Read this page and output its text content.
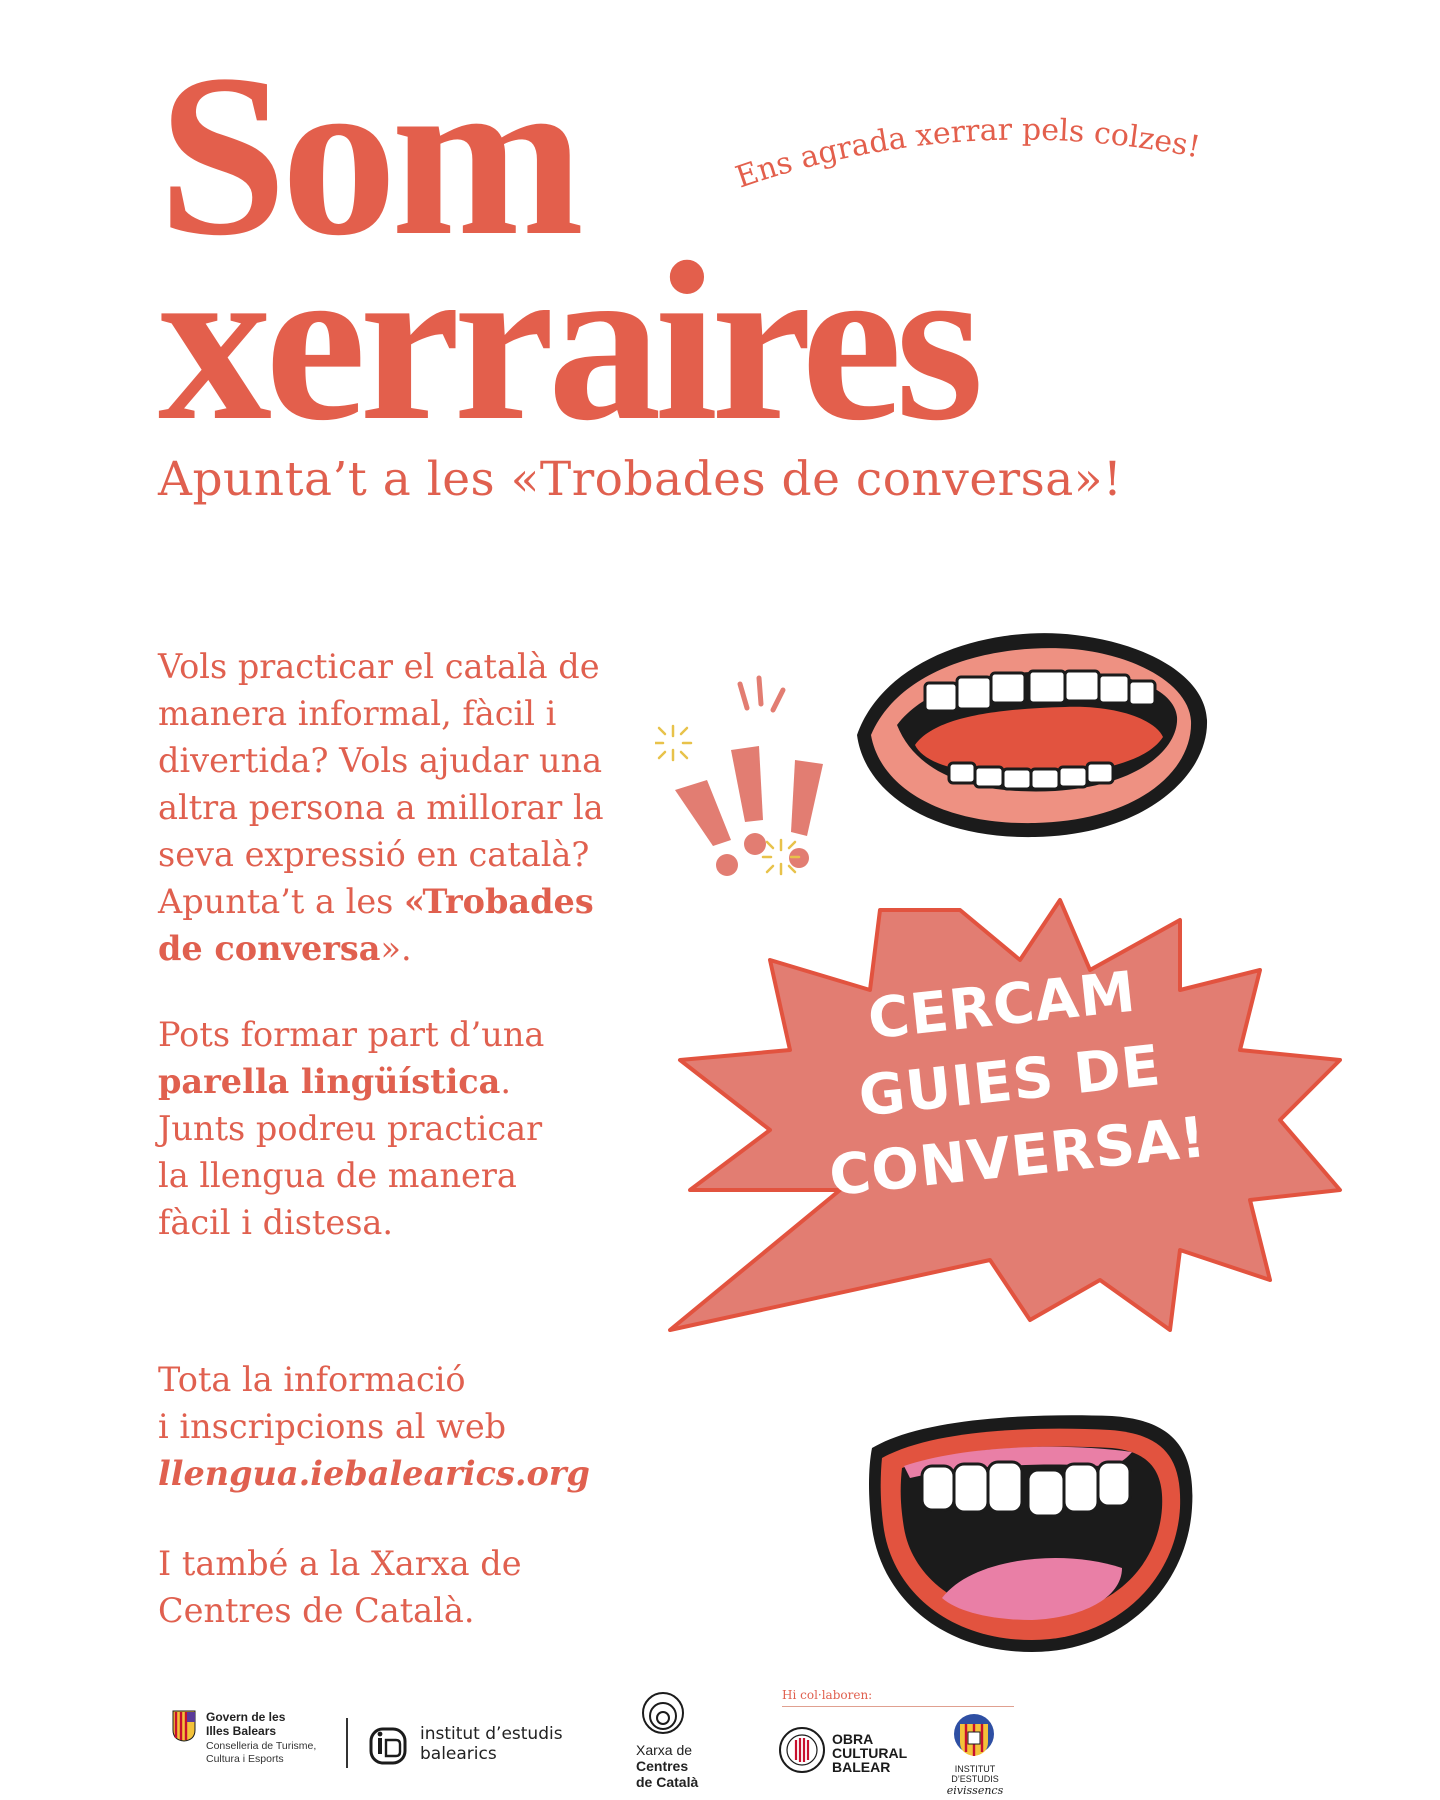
Som
xerraires
Ens agrada xerrar pels colzes!
Apunta’t a les «Trobades de conversa»!
Vols practicar el català de
manera informal, fàcil i
divertida? Vols ajudar una
altra persona a millorar la
seva expressió en català?
Apunta’t a les «Trobades
de conversa».
Pots formar part d’una
parella lingüística.
Junts podreu practicar
la llengua de manera
fàcil i distesa.
Tota la informació
i inscripcions al web
llengua.iebalearics.org
I també a la Xarxa de
Centres de Català.
CERCAM
GUIES DE
CONVERSA!
Govern de les
Illes Balears
Conselleria de Turisme,
Cultura i Esports
institut d’estudis
balearics	Xarxa de
Centres
de Català
Hi col·laboren:
OBRA
CULTURAL
BALEAR	INSTITUT
D’ESTUDIS
eivissencs
